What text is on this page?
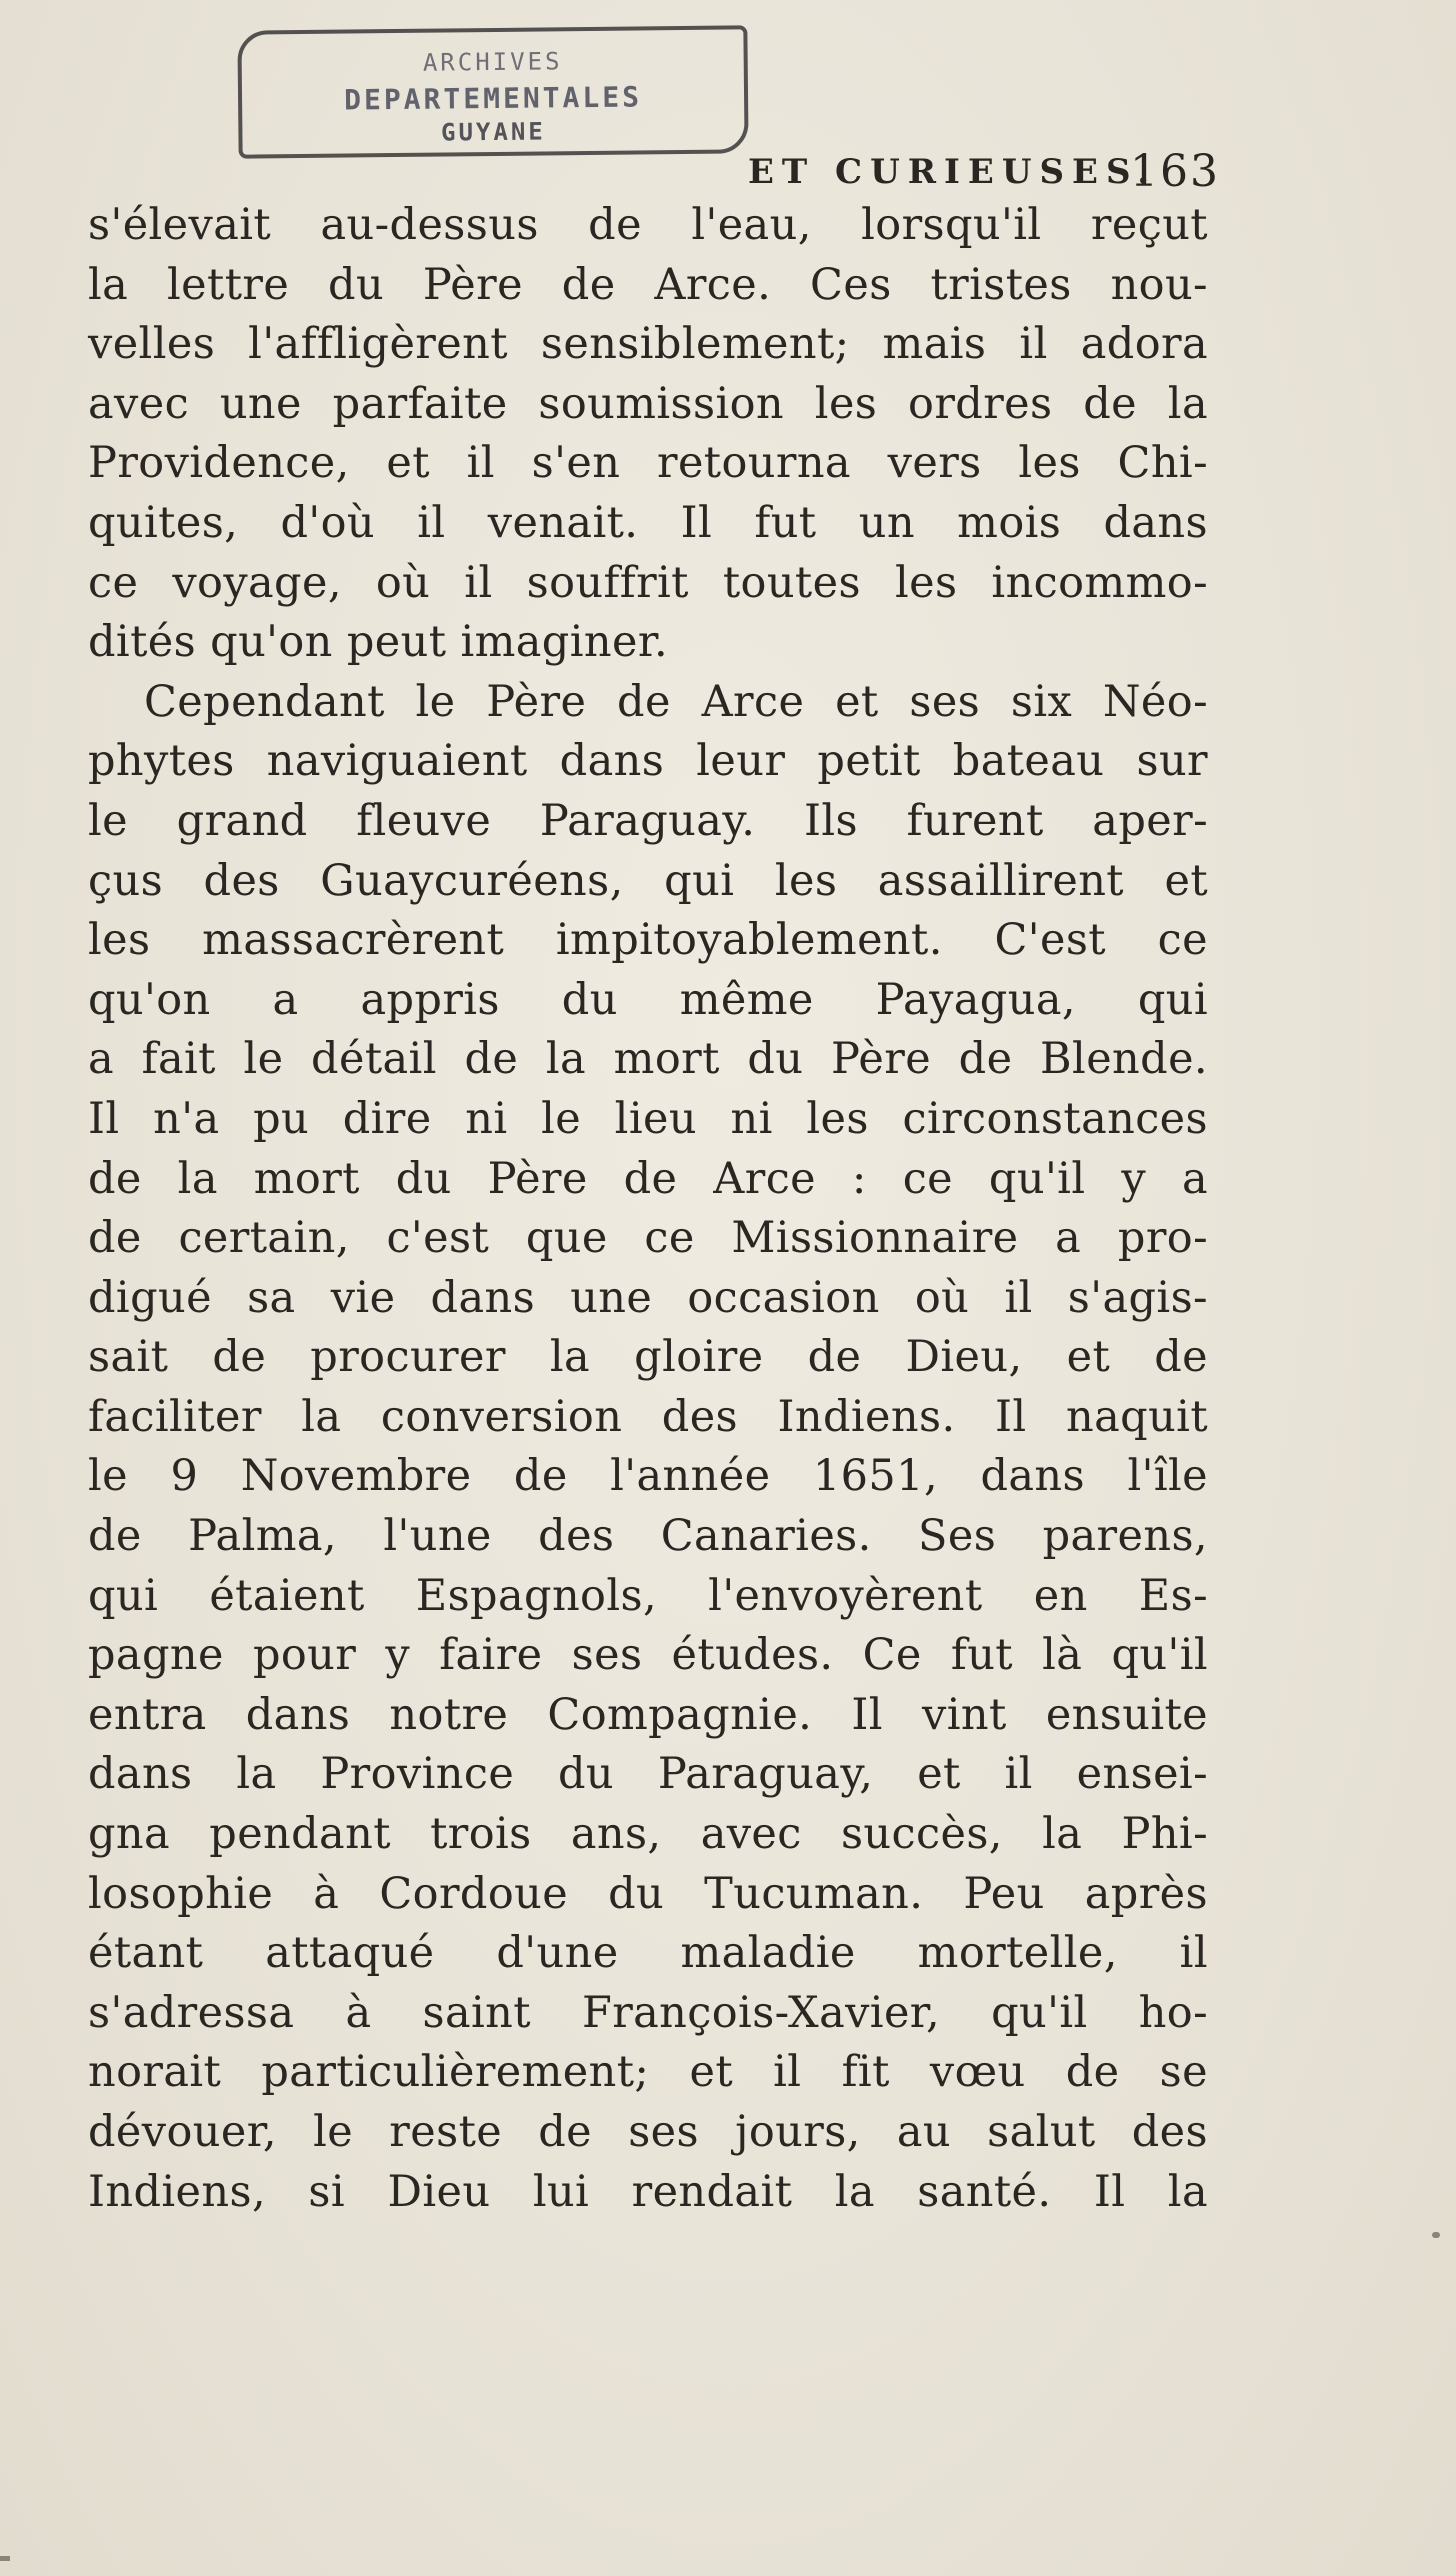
ARCHIVES
DEPARTEMENTALES
GUYANE
ET CURIEUSES.
163
s'élevait au-dessus de l'eau, lorsqu'il reçut
la lettre du Père de Arce. Ces tristes nou-
velles l'affligèrent sensiblement; mais il adora
avec une parfaite soumission les ordres de la
Providence, et il s'en retourna vers les Chi-
quites, d'où il venait. Il fut un mois dans
ce voyage, où il souffrit toutes les incommo-
dités qu'on peut imaginer.
Cependant le Père de Arce et ses six Néo-
phytes naviguaient dans leur petit bateau sur
le grand fleuve Paraguay. Ils furent aper-
çus des Guaycuréens, qui les assaillirent et
les massacrèrent impitoyablement. C'est ce
qu'on a appris du même Payagua, qui
a fait le détail de la mort du Père de Blende.
Il n'a pu dire ni le lieu ni les circonstances
de la mort du Père de Arce : ce qu'il y a
de certain, c'est que ce Missionnaire a pro-
digué sa vie dans une occasion où il s'agis-
sait de procurer la gloire de Dieu, et de
faciliter la conversion des Indiens. Il naquit
le 9 Novembre de l'année 1651, dans l'île
de Palma, l'une des Canaries. Ses parens,
qui étaient Espagnols, l'envoyèrent en Es-
pagne pour y faire ses études. Ce fut là qu'il
entra dans notre Compagnie. Il vint ensuite
dans la Province du Paraguay, et il ensei-
gna pendant trois ans, avec succès, la Phi-
losophie à Cordoue du Tucuman. Peu après
étant attaqué d'une maladie mortelle, il
s'adressa à saint François-Xavier, qu'il ho-
norait particulièrement; et il fit vœu de se
dévouer, le reste de ses jours, au salut des
Indiens, si Dieu lui rendait la santé. Il la
